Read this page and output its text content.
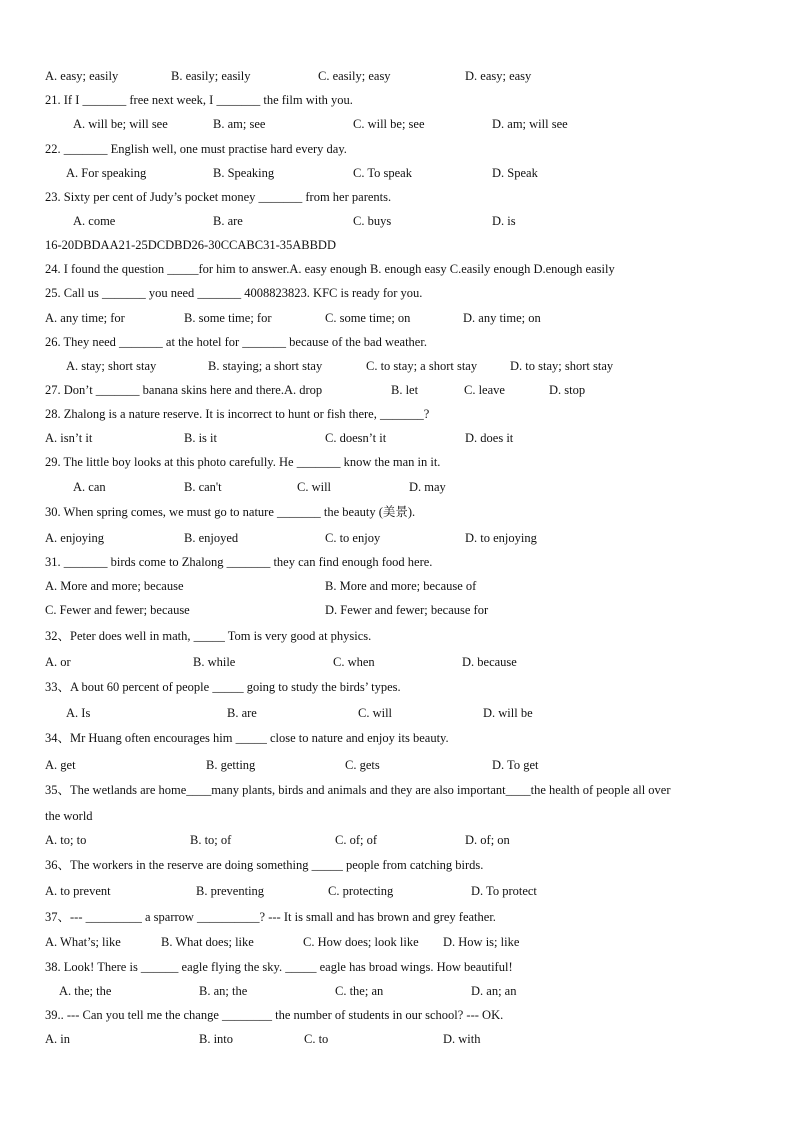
A. easy; easily	B. easily; easily	C. easily; easy	D. easy; easy
21. If I _______ free next week, I _______ the film with you.
A. will be; will see	B. am; see	C. will be; see	D. am; will see
22. _______ English well, one must practise hard every day.
A. For speaking	B. Speaking	C. To speak	D. Speak
23. Sixty per cent of Judy’s pocket money _______ from her parents.
A. come	B. are	C. buys	D. is
16-20DBDAA21-25DCDBD26-30CCABC31-35ABBDD
24. I found the question _____for him to answer.A. easy enough B. enough easy C.easily enough D.enough easily
25. Call us _______ you need _______ 4008823823. KFC is ready for you.
A. any time; for	B. some time; for	C. some time; on	D. any time; on
26. They need _______ at the hotel for _______ because of the bad weather.
A. stay; short stay	B. staying; a short stay	C. to stay; a short stay	D. to stay; short stay
27. Don’t _______ banana skins here and there.A. drop	B. let	C. leave	D. stop
28. Zhalong is a nature reserve. It is incorrect to hunt or fish there, _______?
A. isn’t it	B. is it	C. doesn’t it	D. does it
29. The little boy looks at this photo carefully. He _______ know the man in it.
A. can	B. can't	C. will	D. may
30. When spring comes, we must go to nature _______ the beauty (美景).
A. enjoying	B. enjoyed	C. to enjoy	D. to enjoying
31. _______ birds come to Zhalong _______ they can find enough food here.
A. More and more; because	B. More and more; because of
C. Fewer and fewer; because	D. Fewer and fewer; because for
32、Peter does well in math, _____ Tom is very good at physics.
A. or	B. while	C. when	D. because
33、A bout 60 percent of people _____ going to study the birds’ types.
A. Is	B. are	C. will	D. will be
34、Mr Huang often encourages him _____ close to nature and enjoy its beauty.
A. get	B. getting	C. gets	D. To get
35、The wetlands are home____many plants, birds and animals and they are also important____the health of people all over
the world
A. to; to	B. to; of	C. of; of	D. of; on
36、The workers in the reserve are doing something _____ people from catching birds.
A. to prevent	B. preventing	C. protecting	D. To protect
37、--- _________ a sparrow __________? --- It is small and has brown and grey feather.
A. What’s; like	B. What does; like	C. How does; look like D. How is; like
38. Look! There is ______ eagle flying the sky. _____ eagle has broad wings. How beautiful!
A. the; the	B. an; the	C. the; an	D. an; an
39.. --- Can you tell me the change ________ the number of students in our school? --- OK.
A. in	B. into	C. to	D. with
